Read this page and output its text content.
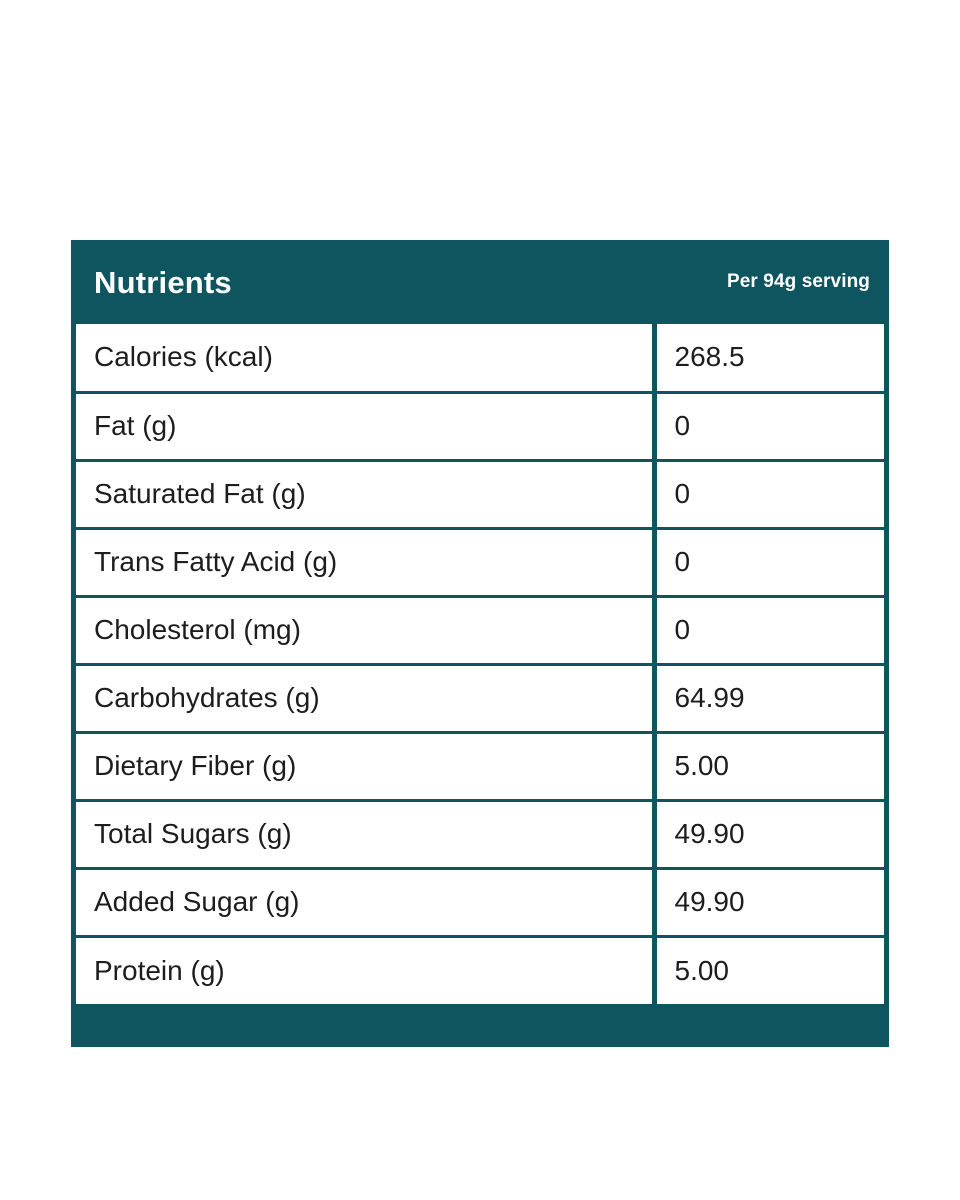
Nutrients	Per 94g serving
Calories (kcal)	268.5
Fat (g)	0
Saturated Fat (g)	0
Trans Fatty Acid (g)	0
Cholesterol (mg)	0
Carbohydrates (g)	64.99
Dietary Fiber (g)	5.00
Total Sugars (g)	49.90
Added Sugar (g)	49.90
Protein (g)	5.00
